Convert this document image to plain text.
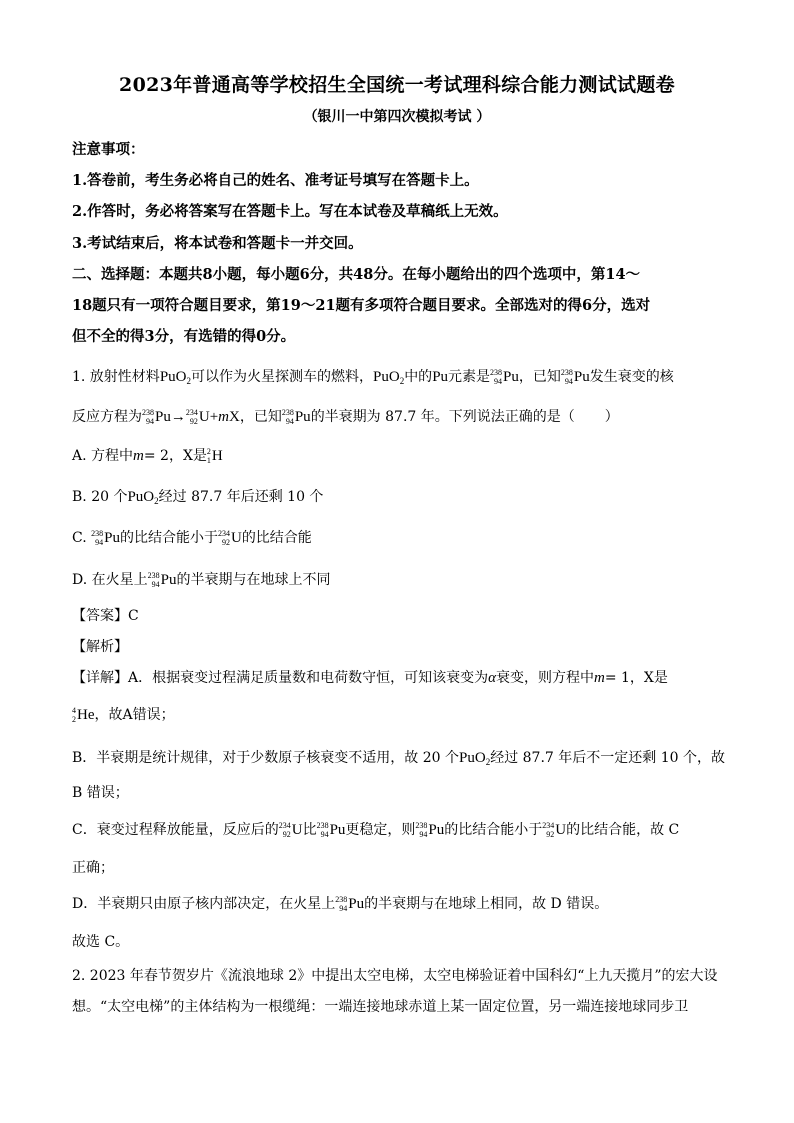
2023年普通高等学校招生全国统一考试理科综合能力测试试题卷
（银川一中第四次模拟考试 ）
注意事项：
1.答卷前，考生务必将自己的姓名、准考证号填写在答题卡上。
2.作答时，务必将答案写在答题卡上。写在本试卷及草稿纸上无效。
3.考试结束后，将本试卷和答题卡一并交回。
二、选择题：本题共8小题，每小题6分，共48分。在每小题给出的四个选项中，第14～
18题只有一项符合题目要求，第19～21题有多项符合题目要求。全部选对的得6分，选对
但不全的得3分，有选错的得0分。
1. 放射性材料PuO$_2$可以作为火星探测车的燃料，PuO$_2$中的Pu元素是 238
94 Pu，已知 238
94 Pu发生衰变的核
反应方程为 238
94 Pu→ 234
92 U+mX，已知 238
94 Pu的半衰期为 87.7 年。下列说法正确的是（ ）
A. 方程中m= 2，X是 2
1 H
B. 20 个PuO$_2$经过 87.7 年后还剩 10 个
C. 238
94 Pu的比结合能小于 234
92 U的比结合能
D. 在火星上 238
94 Pu的半衰期与在地球上不同
【答案】C
【解析】
【详解】A．根据衰变过程满足质量数和电荷数守恒，可知该衰变为α衰变，则方程中m= 1，X是
4
2 He，故A错误；
B．半衰期是统计规律，对于少数原子核衰变不适用，故 20 个PuO$_2$经过 87.7 年后不一定还剩 10 个，故
B 错误；
C．衰变过程释放能量，反应后的 234
92 U比 238
94 Pu更稳定，则 238
94 Pu的比结合能小于 234
92 U的比结合能，故 C
正确；
D．半衰期只由原子核内部决定，在火星上 238
94 Pu的半衰期与在地球上相同，故 D 错误。
故选 C。
2. 2023 年春节贺岁片《流浪地球 2》中提出太空电梯，太空电梯验证着中国科幻“上九天揽月”的宏大设
想。“太空电梯”的主体结构为一根缆绳：一端连接地球赤道上某一固定位置，另一端连接地球同步卫
